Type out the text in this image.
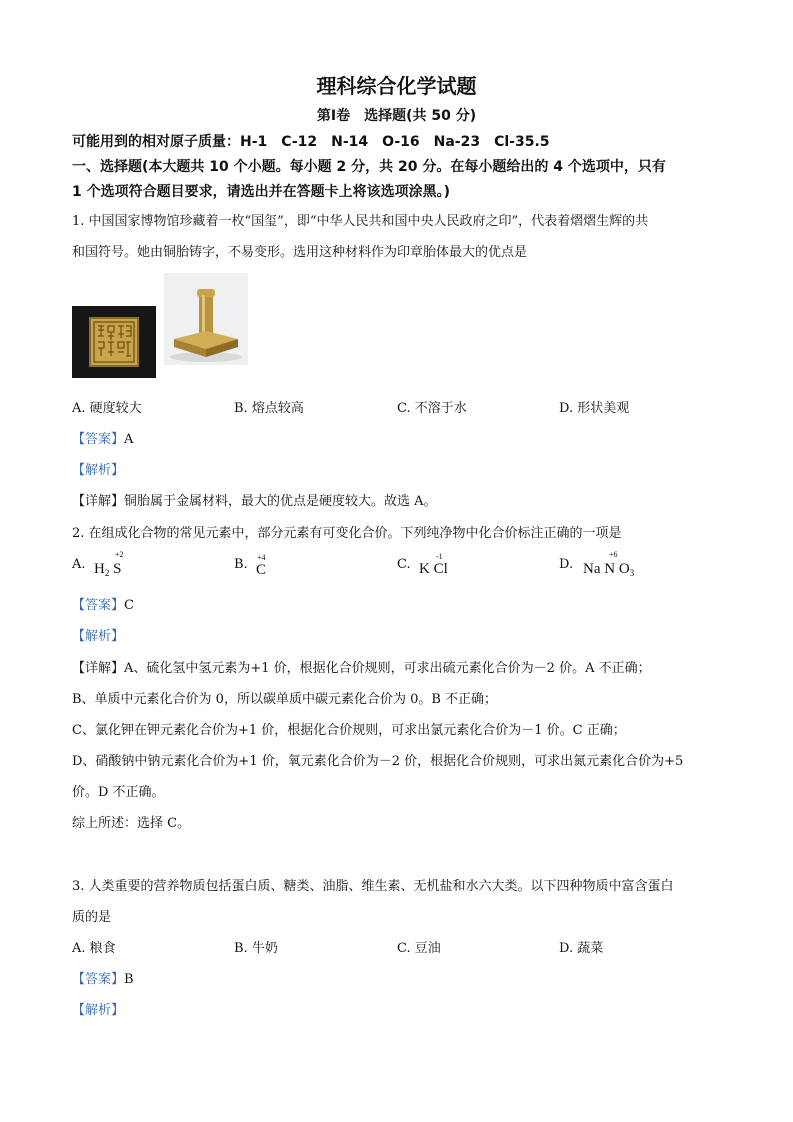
理科综合化学试题
第Ⅰ卷　选择题(共 50 分)
可能用到的相对原子质量：H-1　C-12　N-14　O-16　Na-23　Cl-35.5
一、选择题(本大题共 10 个小题。每小题 2 分，共 20 分。在每小题给出的 4 个选项中，只有
1 个选项符合题目要求，请选出并在答题卡上将该选项涂黑。)
1. 中国国家博物馆珍藏着一枚“国玺”，即“中华人民共和国中央人民政府之印”，代表着熠熠生辉的共
和国符号。她由铜胎铸字，不易变形。选用这种材料作为印章胎体最大的优点是
A. 硬度较大	B. 熔点较高	C. 不溶于水	D. 形状美观
【答案】A
【解析】
【详解】铜胎属于金属材料，最大的优点是硬度较大。故选 A。
2. 在组成化合物的常见元素中，部分元素有可变化合价。下列纯净物中化合价标注正确的一项是
A. $H_2$ S
+2
B. C
+4	C. K Cl
-1
D. Na N $O_3$
+6
【答案】C
【解析】
【详解】A、硫化氢中氢元素为+1 价，根据化合价规则，可求出硫元素化合价为－2 价。A 不正确；
B、单质中元素化合价为 0，所以碳单质中碳元素化合价为 0。B 不正确；
C、氯化钾在钾元素化合价为+1 价，根据化合价规则，可求出氯元素化合价为－1 价。C 正确；
D、硝酸钠中钠元素化合价为+1 价，氧元素化合价为－2 价，根据化合价规则，可求出氮元素化合价为+5
价。D 不正确。
综上所述：选择 C。
3. 人类重要的营养物质包括蛋白质、糖类、油脂、维生素、无机盐和水六大类。以下四种物质中富含蛋白
质的是
A. 粮食	B. 牛奶	C. 豆油	D. 蔬菜
【答案】B
【解析】
